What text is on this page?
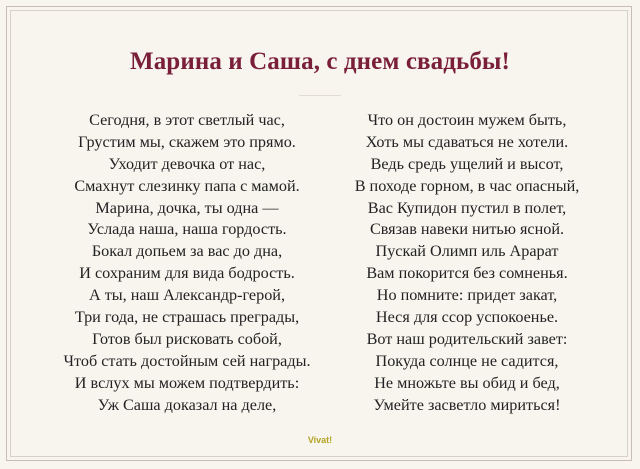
Марина и Саша, с днем свадьбы!
Сегодня, в этот светлый час,
Грустим мы, скажем это прямо.
Уходит девочка от нас,
Смахнут слезинку папа с мамой.
Марина, дочка, ты одна —
Услада наша, наша гордость.
Бокал допьем за вас до дна,
И сохраним для вида бодрость.
А ты, наш Александр-герой,
Три года, не страшась преграды,
Готов был рисковать собой,
Чтоб стать достойным сей награды.
И вслух мы можем подтвердить:
Уж Саша доказал на деле,
Что он достоин мужем быть,
Хоть мы сдаваться не хотели.
Ведь средь ущелий и высот,
В походе горном, в час опасный,
Вас Купидон пустил в полет,
Связав навеки нитью ясной.
Пускай Олимп иль Арарат
Вам покорится без сомненья.
Но помните: придет закат,
Неся для ссор успокоенье.
Вот наш родительский завет:
Покуда солнце не садится,
Не множьте вы обид и бед,
Умейте засветло мириться!
Vivat!
